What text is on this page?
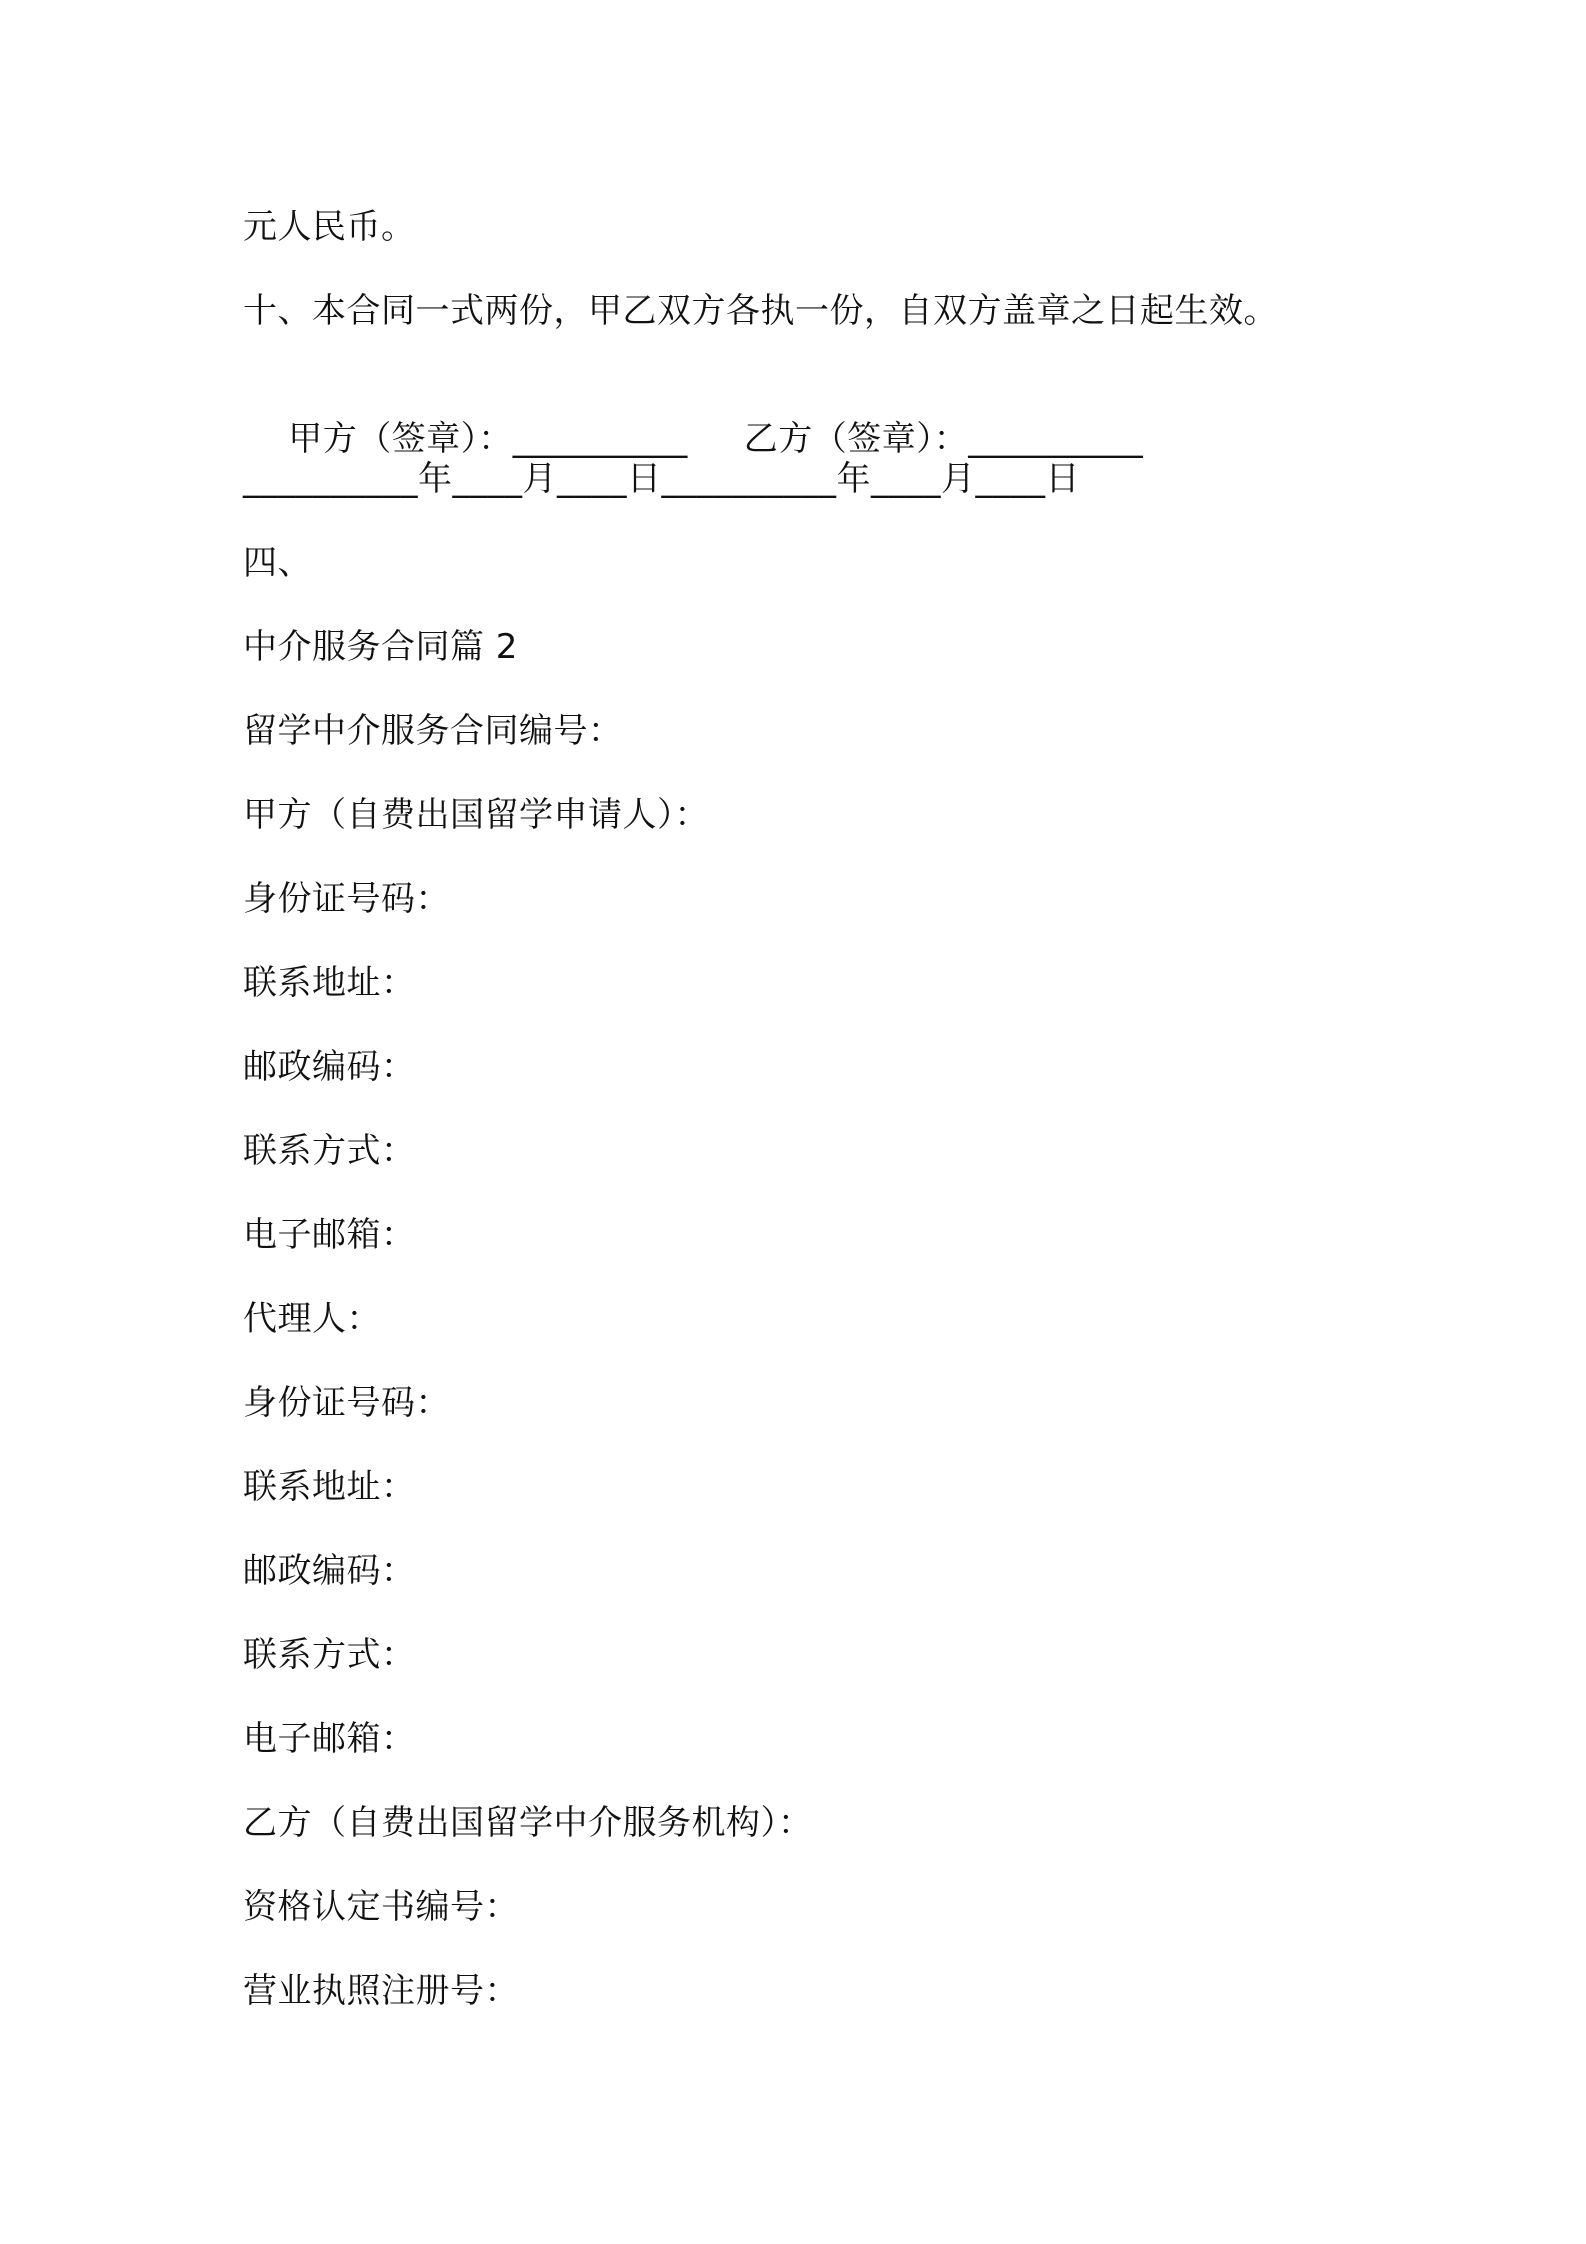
元人民币。
十、本合同一式两份，甲乙双方各执一份，自双方盖章之日起生效。

甲方（签章）：__________ 乙方（签章）：__________

__________年____月____日__________年____月____日
四、
中介服务合同篇 2
留学中介服务合同编号：
甲方（自费出国留学申请人）：
身份证号码：
联系地址：
邮政编码：
联系方式：
电子邮箱：
代理人：
身份证号码：
联系地址：
邮政编码：
联系方式：
电子邮箱：
乙方（自费出国留学中介服务机构）：
资格认定书编号：
营业执照注册号：
